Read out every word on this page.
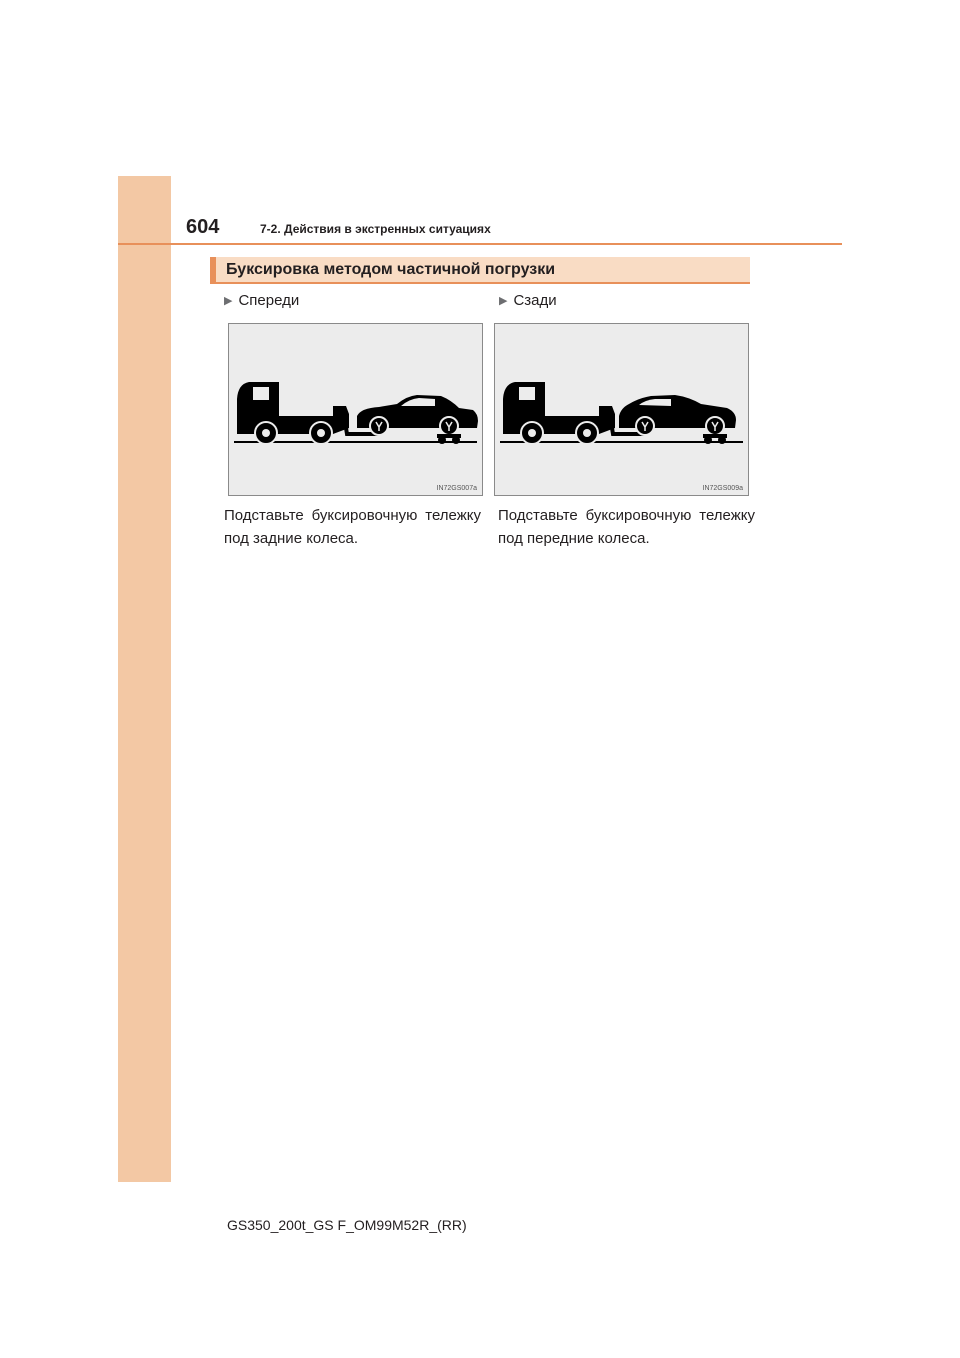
604	7-2. Действия в экстренных ситуациях
Буксировка методом частичной погрузки
▶ Спереди	▶ Сзади
IN72GS007a	IN72GS009a
Подставьте буксировочную тележку под задние колеса.
Подставьте буксировочную тележку под передние колеса.
GS350_200t_GS F_OM99M52R_(RR)
